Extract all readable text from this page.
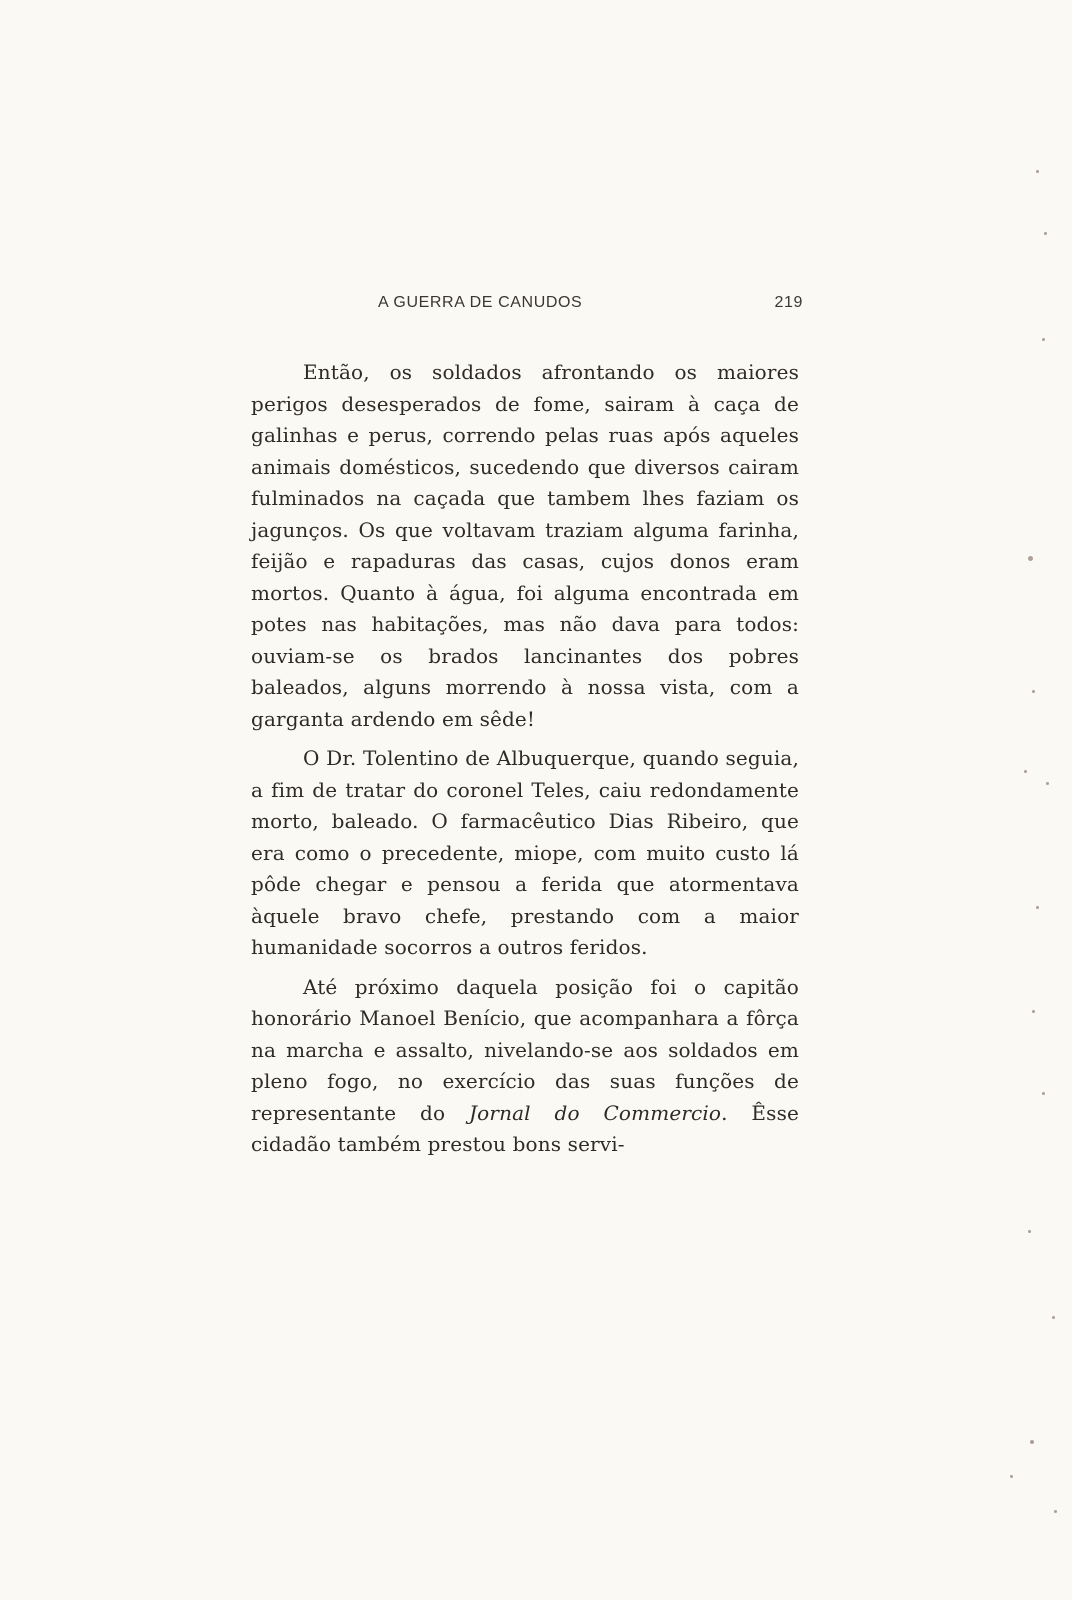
A GUERRA DE CANUDOS	219

Então, os soldados afrontando os maiores perigos desesperados de fome, sairam à caça de galinhas e perus, correndo pelas ruas após aqueles animais domésticos, sucedendo que diversos cairam fulminados na caçada que tambem lhes faziam os jagunços. Os que voltavam traziam alguma farinha, feijão e rapaduras das casas, cujos donos eram mortos. Quanto à água, foi alguma encontrada em potes nas habitações, mas não dava para todos: ouviam-se os brados lancinantes dos pobres baleados, alguns morrendo à nossa vista, com a garganta ardendo em sêde!

O Dr. Tolentino de Albuquerque, quando seguia, a fim de tratar do coronel Teles, caiu redondamente morto, baleado. O farmacêutico Dias Ribeiro, que era como o precedente, miope, com muito custo lá pôde chegar e pensou a ferida que atormentava àquele bravo chefe, prestando com a maior humanidade socorros a outros feridos.

Até próximo daquela posição foi o capitão honorário Manoel Benício, que acompanhara a fôrça na marcha e assalto, nivelando-se aos soldados em pleno fogo, no exercício das suas funções de representante do Jornal do Commercio. Êsse cidadão também prestou bons servi-
